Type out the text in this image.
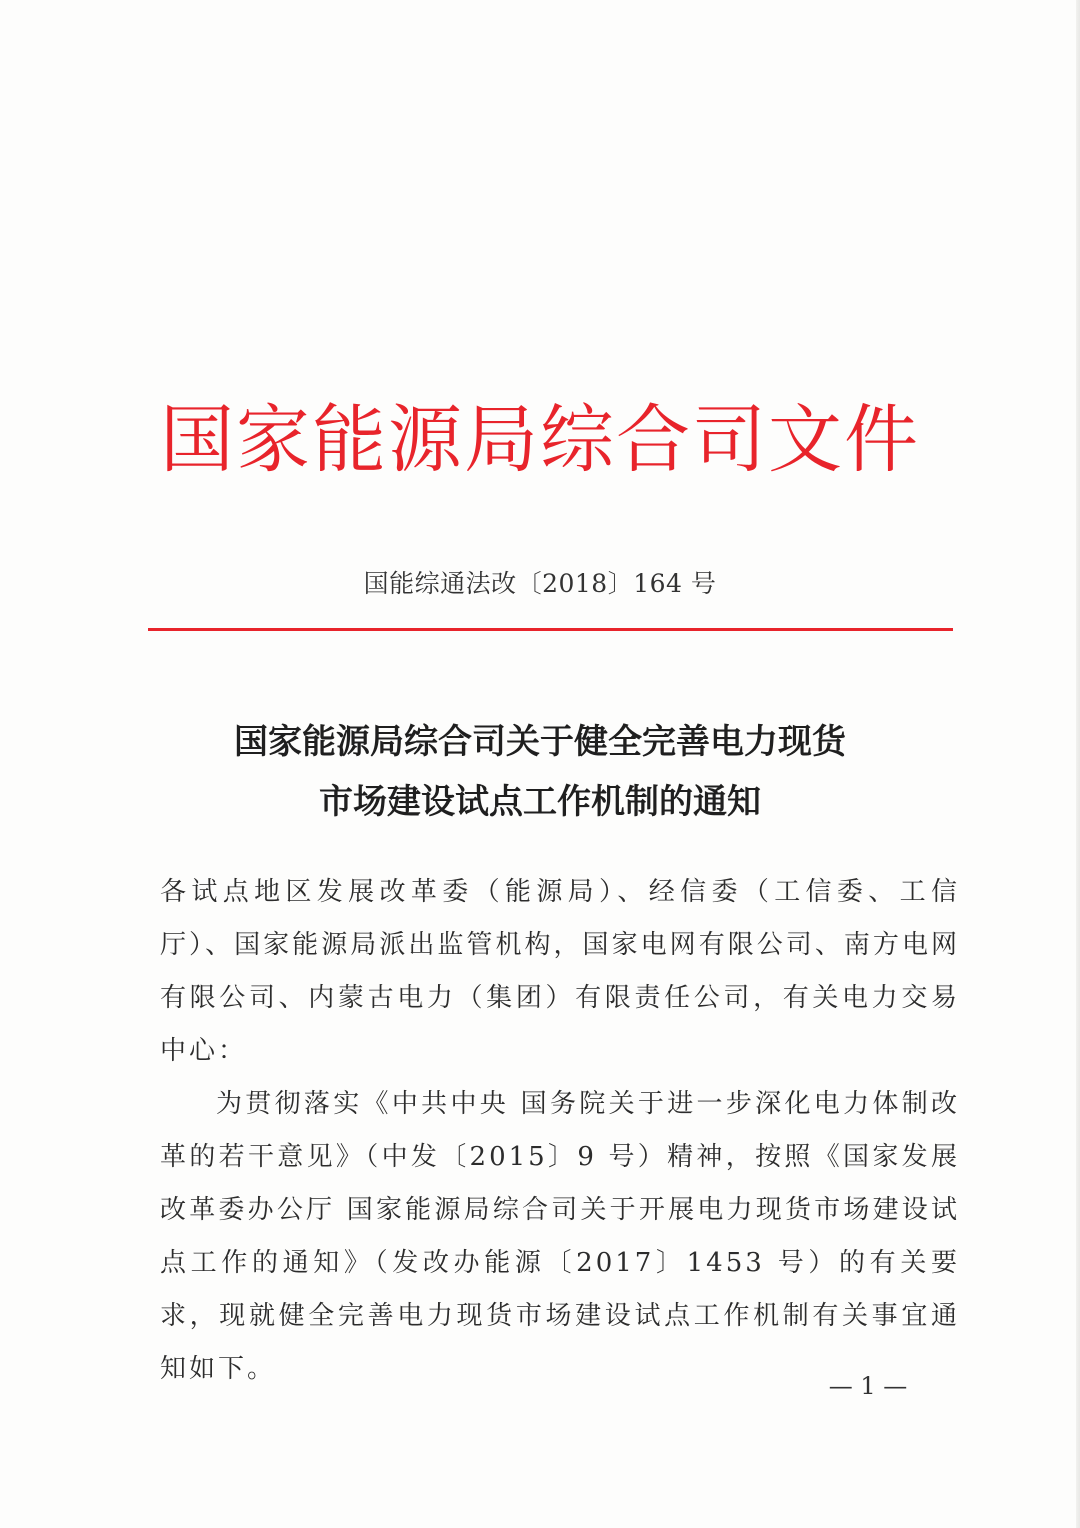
国家能源局综合司文件
国能综通法改〔2018〕164 号
国家能源局综合司关于健全完善电力现货
市场建设试点工作机制的通知

各试点地区发展改革委（能源局）、经信委（工信委、工信厅）、国家能源局派出监管机构，国家电网有限公司、南方电网有限公司、内蒙古电力（集团）有限责任公司，有关电力交易中心：

为贯彻落实《中共中央 国务院关于进一步深化电力体制改革的若干意见》（中发〔2015〕9 号）精神，按照《国家发展改革委办公厅 国家能源局综合司关于开展电力现货市场建设试点工作的通知》（发改办能源〔2017〕1453 号）的有关要求，现就健全完善电力现货市场建设试点工作机制有关事宜通知如下。

— 1 —
